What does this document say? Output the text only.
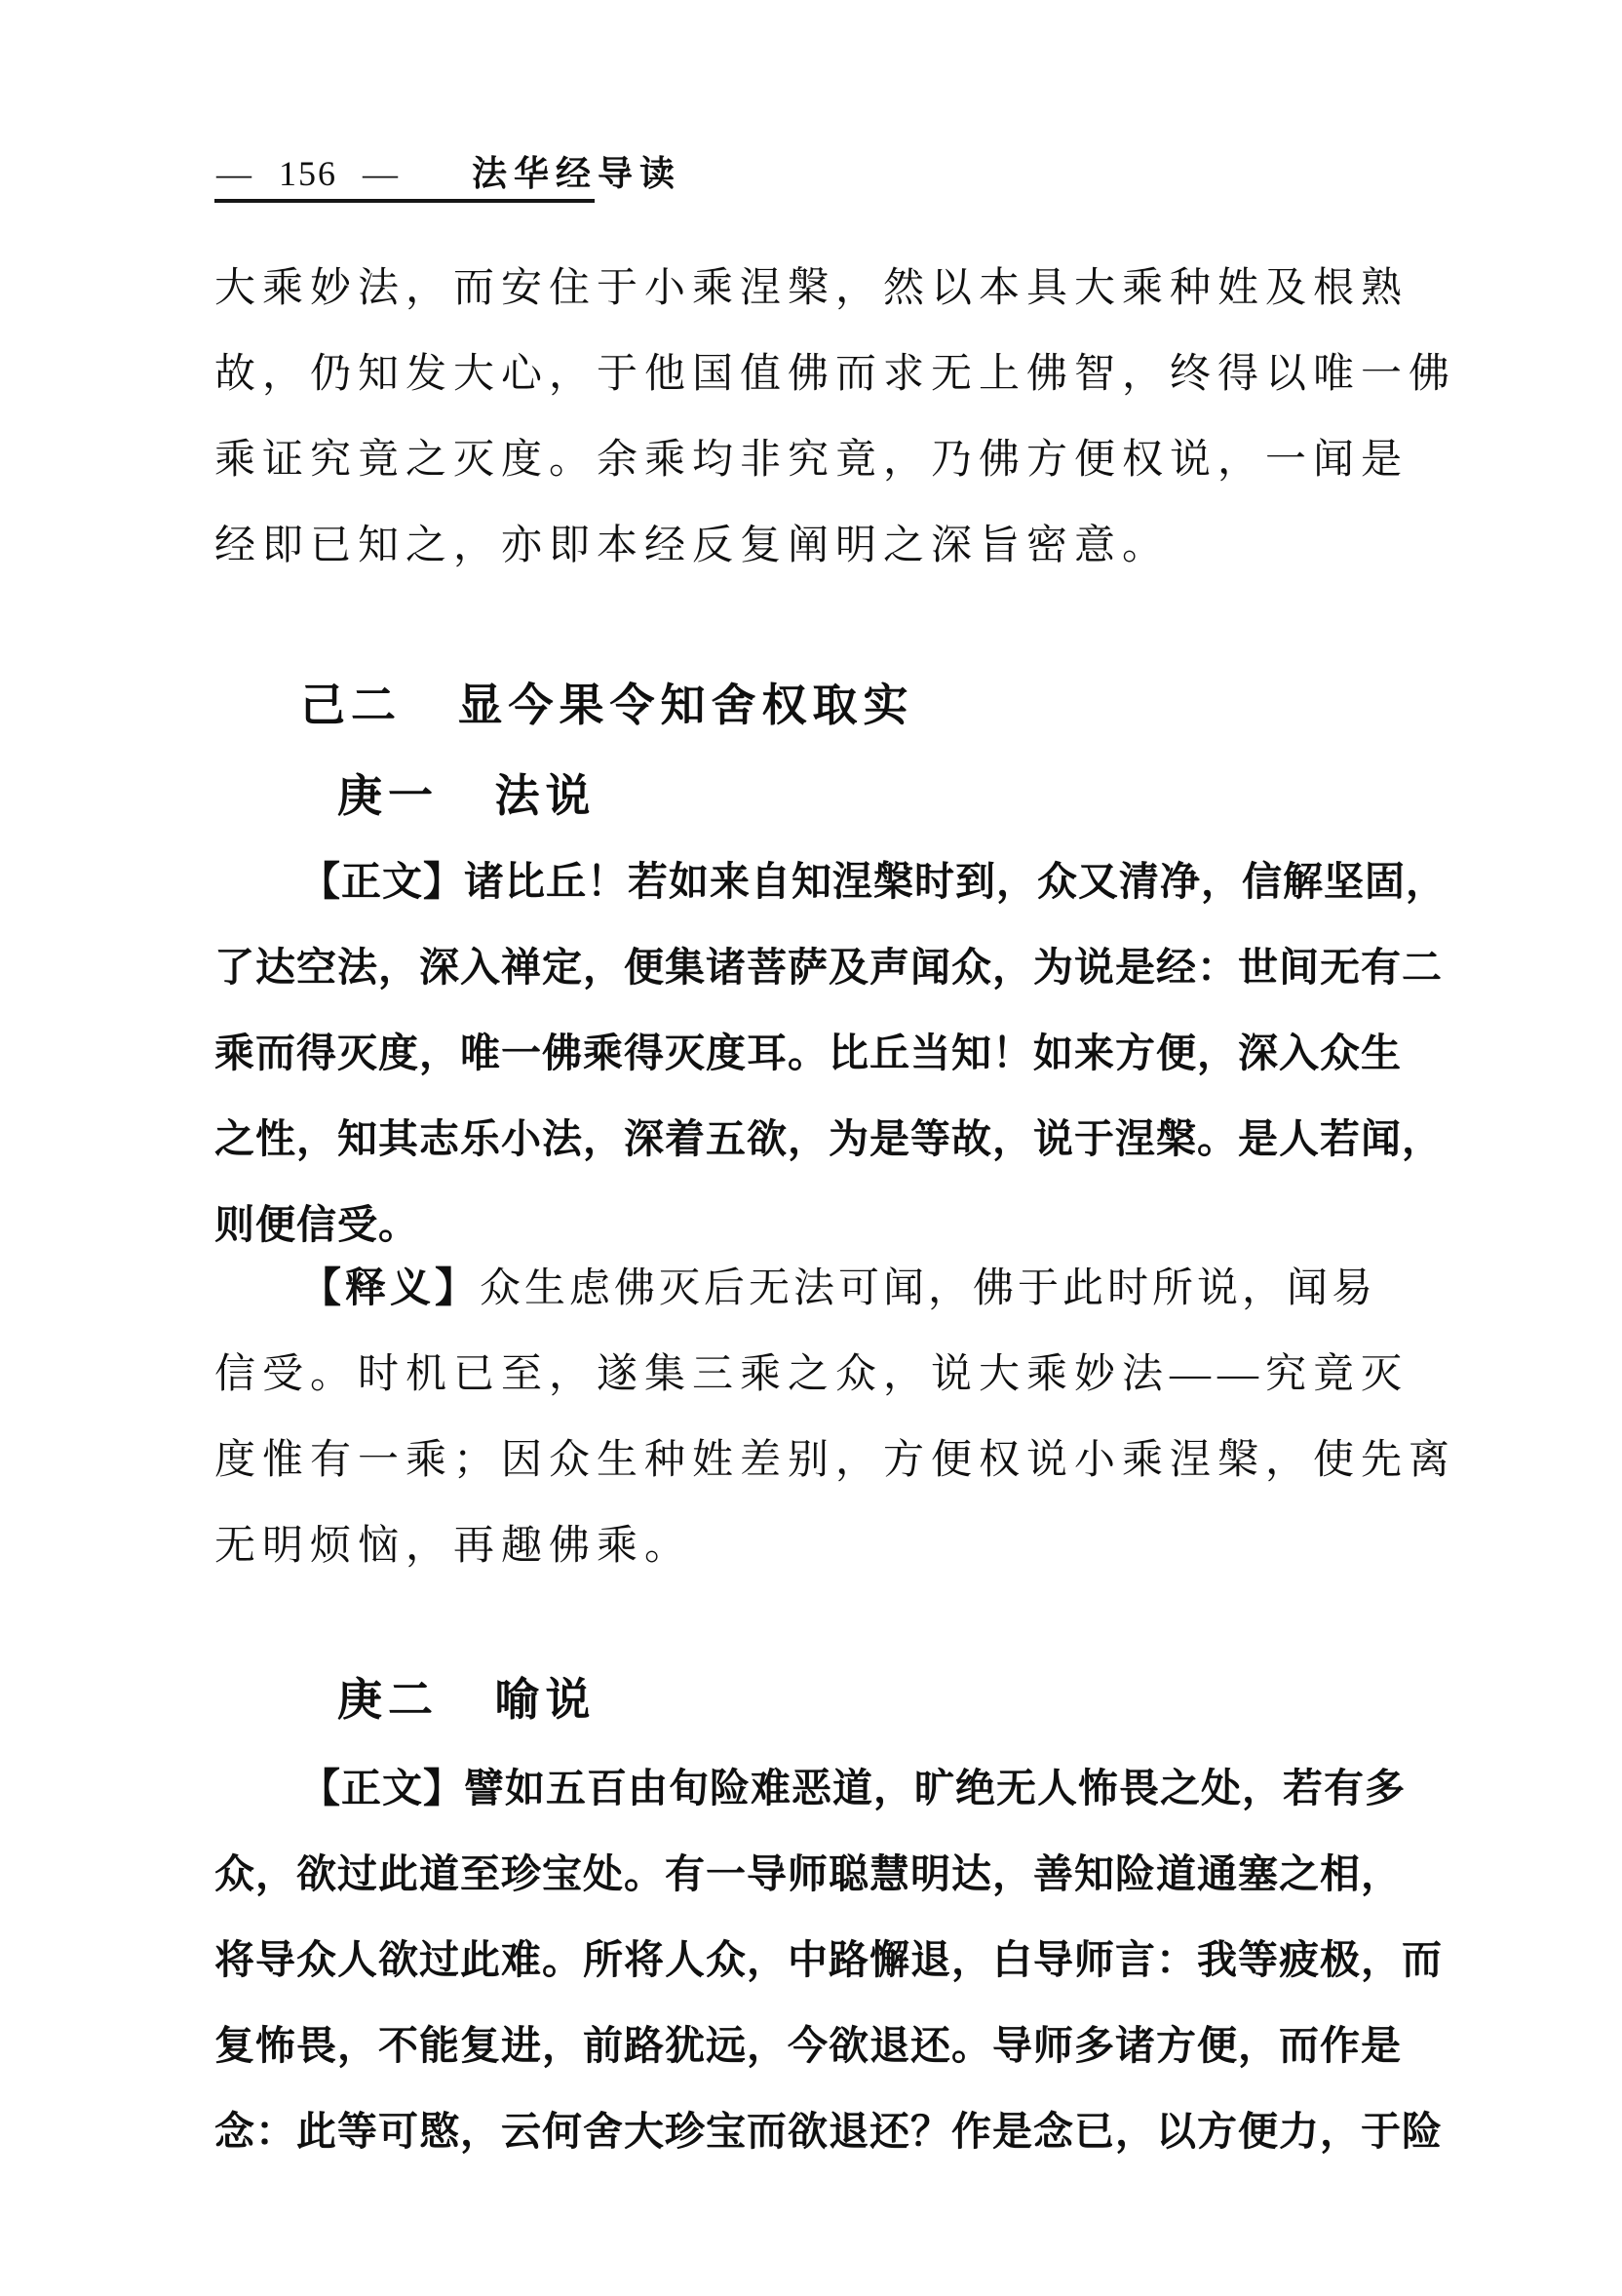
— 156 — 法华经导读
大乘妙法，而安住于小乘涅槃，然以本具大乘种姓及根熟
故，仍知发大心，于他国值佛而求无上佛智，终得以唯一佛
乘证究竟之灭度。余乘均非究竟，乃佛方便权说，一闻是
经即已知之，亦即本经反复阐明之深旨密意。
己二 显今果令知舍权取实
庚一 法说
【正文】诸比丘！若如来自知涅槃时到，众又清净，信解坚固，
了达空法，深入禅定，便集诸菩萨及声闻众，为说是经：世间无有二
乘而得灭度，唯一佛乘得灭度耳。比丘当知！如来方便，深入众生
之性，知其志乐小法，深着五欲，为是等故，说于涅槃。是人若闻，
则便信受。
【释义】众生虑佛灭后无法可闻，佛于此时所说，闻易
信受。时机已至，遂集三乘之众，说大乘妙法——究竟灭
度惟有一乘；因众生种姓差别，方便权说小乘涅槃，使先离
无明烦恼，再趣佛乘。
庚二 喻说
【正文】譬如五百由旬险难恶道，旷绝无人怖畏之处，若有多
众，欲过此道至珍宝处。有一导师聪慧明达，善知险道通塞之相，
将导众人欲过此难。所将人众，中路懈退，白导师言：我等疲极，而
复怖畏，不能复进，前路犹远，今欲退还。导师多诸方便，而作是
念：此等可愍，云何舍大珍宝而欲退还？作是念已，以方便力，于险
